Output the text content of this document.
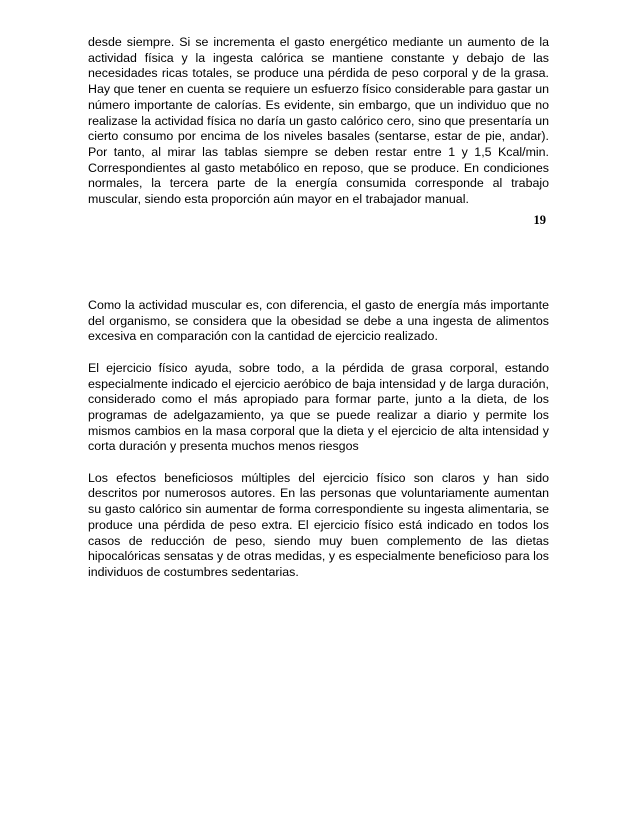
desde siempre. Si se incrementa el gasto energético mediante un aumento de la actividad física y la ingesta calórica se mantiene constante y debajo de las necesidades ricas totales, se produce una pérdida de peso corporal y de la grasa. Hay que tener en cuenta se requiere un esfuerzo físico considerable para gastar un número importante de calorías. Es evidente, sin embargo, que un individuo que no realizase la actividad física no daría un gasto calórico cero, sino que presentaría un cierto consumo por encima de los niveles basales (sentarse, estar de pie, andar). Por tanto, al mirar las tablas siempre se deben restar entre 1 y 1,5 Kcal/min. Correspondientes al gasto metabólico en reposo, que se produce. En condiciones normales, la tercera parte de la energía consumida corresponde al trabajo muscular, siendo esta proporción aún mayor en el trabajador manual.

19

Como la actividad muscular es, con diferencia, el gasto de energía más importante del organismo, se considera que la obesidad se debe a una ingesta de alimentos excesiva en comparación con la cantidad de ejercicio realizado.

El ejercicio físico ayuda, sobre todo, a la pérdida de grasa corporal, estando especialmente indicado el ejercicio aeróbico de baja intensidad y de larga duración, considerado como el más apropiado para formar parte, junto a la dieta, de los programas de adelgazamiento, ya que se puede realizar a diario y permite los mismos cambios en la masa corporal que la dieta y el ejercicio de alta intensidad y corta duración y presenta muchos menos riesgos

Los efectos beneficiosos múltiples del ejercicio físico son claros y han sido descritos por numerosos autores. En las personas que voluntariamente aumentan su gasto calórico sin aumentar de forma correspondiente su ingesta alimentaria, se produce una pérdida de peso extra. El ejercicio físico está indicado en todos los casos de reducción de peso, siendo muy buen complemento de las dietas hipocalóricas sensatas y de otras medidas, y es especialmente beneficioso para los individuos de costumbres sedentarias.
